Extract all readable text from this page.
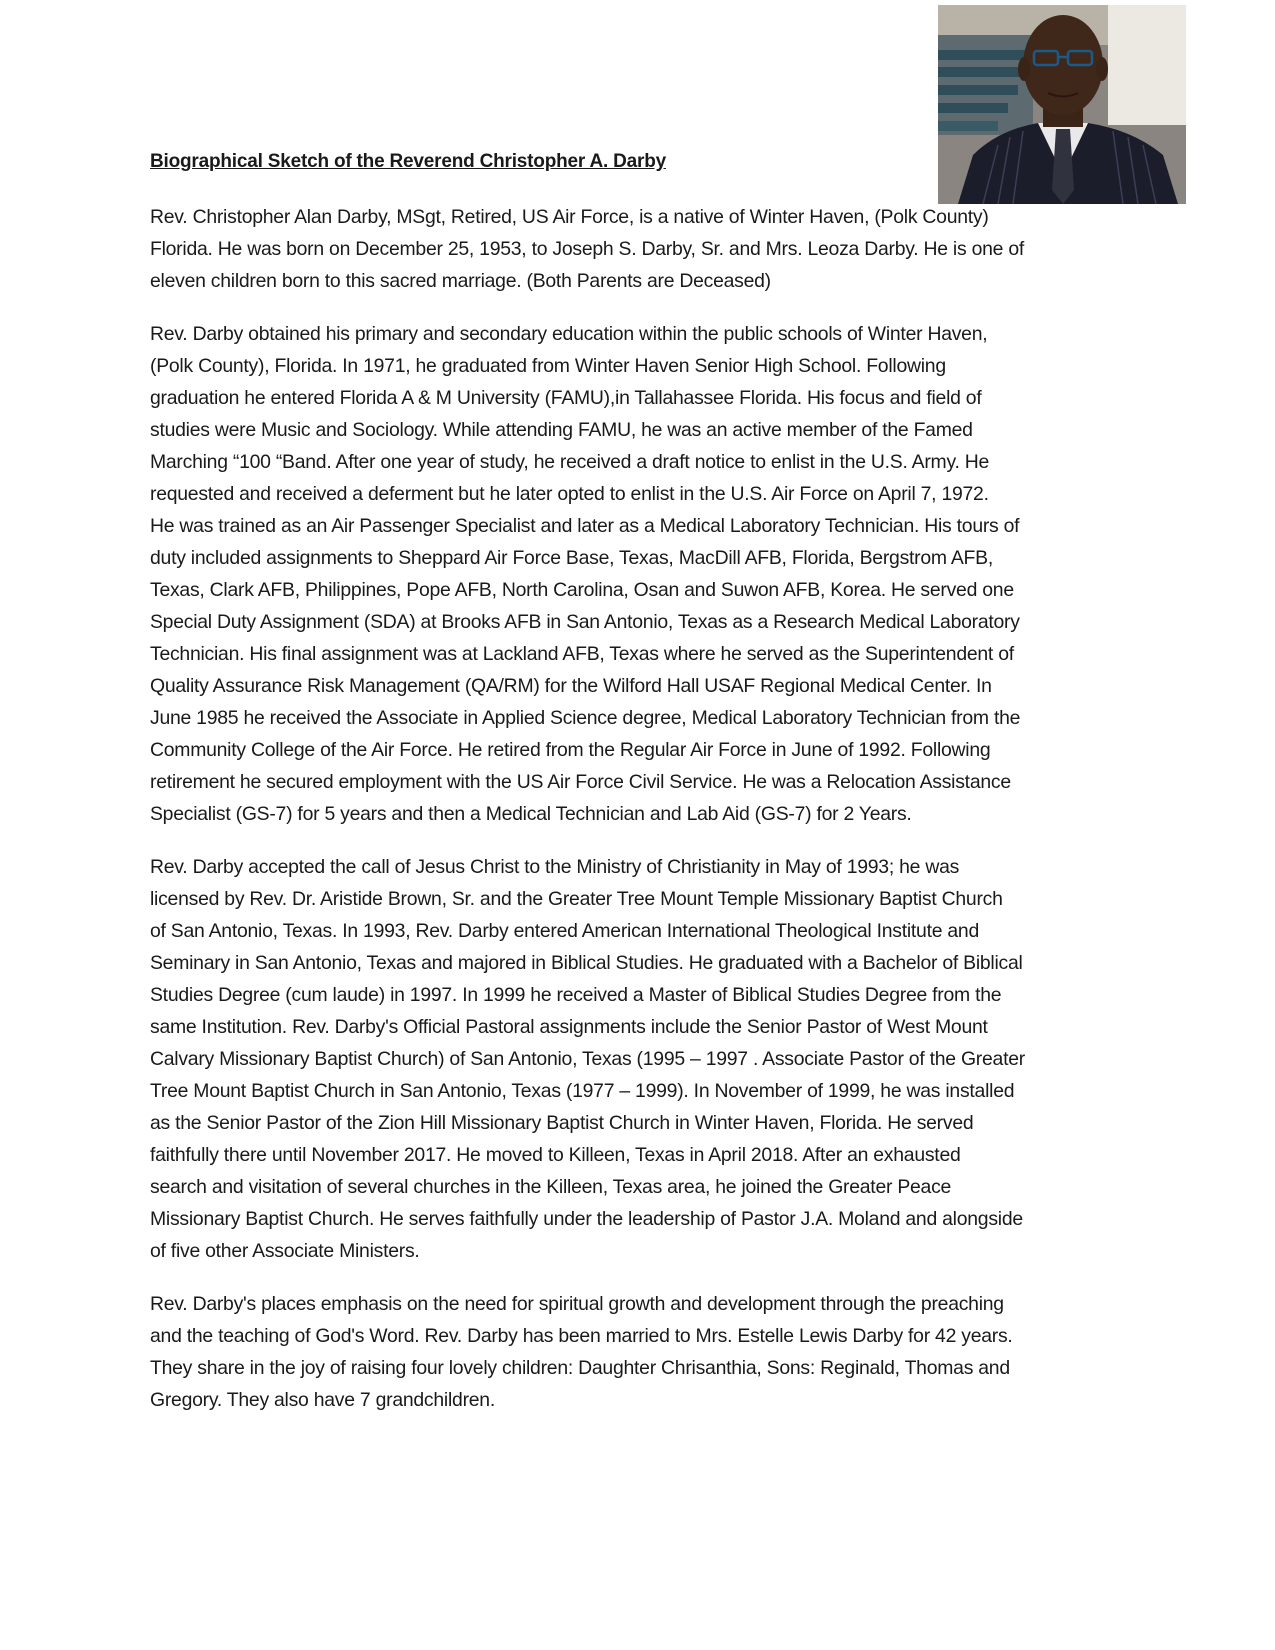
Biographical Sketch of the Reverend Christopher A. Darby

Rev. Christopher Alan Darby, MSgt, Retired, US Air Force, is a native of Winter Haven, (Polk County)
Florida. He was born on December 25, 1953, to Joseph S. Darby, Sr. and Mrs. Leoza Darby. He is one of
eleven children born to this sacred marriage. (Both Parents are Deceased)

Rev. Darby obtained his primary and secondary education within the public schools of Winter Haven,
(Polk County), Florida. In 1971, he graduated from Winter Haven Senior High School. Following
graduation he entered Florida A & M University (FAMU),in Tallahassee Florida. His focus and field of
studies were Music and Sociology. While attending FAMU, he was an active member of the Famed
Marching “100 “Band. After one year of study, he received a draft notice to enlist in the U.S. Army. He
requested and received a deferment but he later opted to enlist in the U.S. Air Force on April 7, 1972.
He was trained as an Air Passenger Specialist and later as a Medical Laboratory Technician. His tours of
duty included assignments to Sheppard Air Force Base, Texas, MacDill AFB, Florida, Bergstrom AFB,
Texas, Clark AFB, Philippines, Pope AFB, North Carolina, Osan and Suwon AFB, Korea. He served one
Special Duty Assignment (SDA) at Brooks AFB in San Antonio, Texas as a Research Medical Laboratory
Technician. His final assignment was at Lackland AFB, Texas where he served as the Superintendent of
Quality Assurance Risk Management (QA/RM) for the Wilford Hall USAF Regional Medical Center. In
June 1985 he received the Associate in Applied Science degree, Medical Laboratory Technician from the
Community College of the Air Force. He retired from the Regular Air Force in June of 1992. Following
retirement he secured employment with the US Air Force Civil Service. He was a Relocation Assistance
Specialist (GS-7) for 5 years and then a Medical Technician and Lab Aid (GS-7) for 2 Years.

Rev. Darby accepted the call of Jesus Christ to the Ministry of Christianity in May of 1993; he was
licensed by Rev. Dr. Aristide Brown, Sr. and the Greater Tree Mount Temple Missionary Baptist Church
of San Antonio, Texas. In 1993, Rev. Darby entered American International Theological Institute and
Seminary in San Antonio, Texas and majored in Biblical Studies. He graduated with a Bachelor of Biblical
Studies Degree (cum laude) in 1997. In 1999 he received a Master of Biblical Studies Degree from the
same Institution. Rev. Darby's Official Pastoral assignments include the Senior Pastor of West Mount
Calvary Missionary Baptist Church) of San Antonio, Texas (1995 – 1997 . Associate Pastor of the Greater
Tree Mount Baptist Church in San Antonio, Texas (1977 – 1999). In November of 1999, he was installed
as the Senior Pastor of the Zion Hill Missionary Baptist Church in Winter Haven, Florida. He served
faithfully there until November 2017. He moved to Killeen, Texas in April 2018. After an exhausted
search and visitation of several churches in the Killeen, Texas area, he joined the Greater Peace
Missionary Baptist Church. He serves faithfully under the leadership of Pastor J.A. Moland and alongside
of five other Associate Ministers.

Rev. Darby's places emphasis on the need for spiritual growth and development through the preaching
and the teaching of God's Word. Rev. Darby has been married to Mrs. Estelle Lewis Darby for 42 years.
They share in the joy of raising four lovely children: Daughter Chrisanthia, Sons: Reginald, Thomas and
Gregory. They also have 7 grandchildren.
